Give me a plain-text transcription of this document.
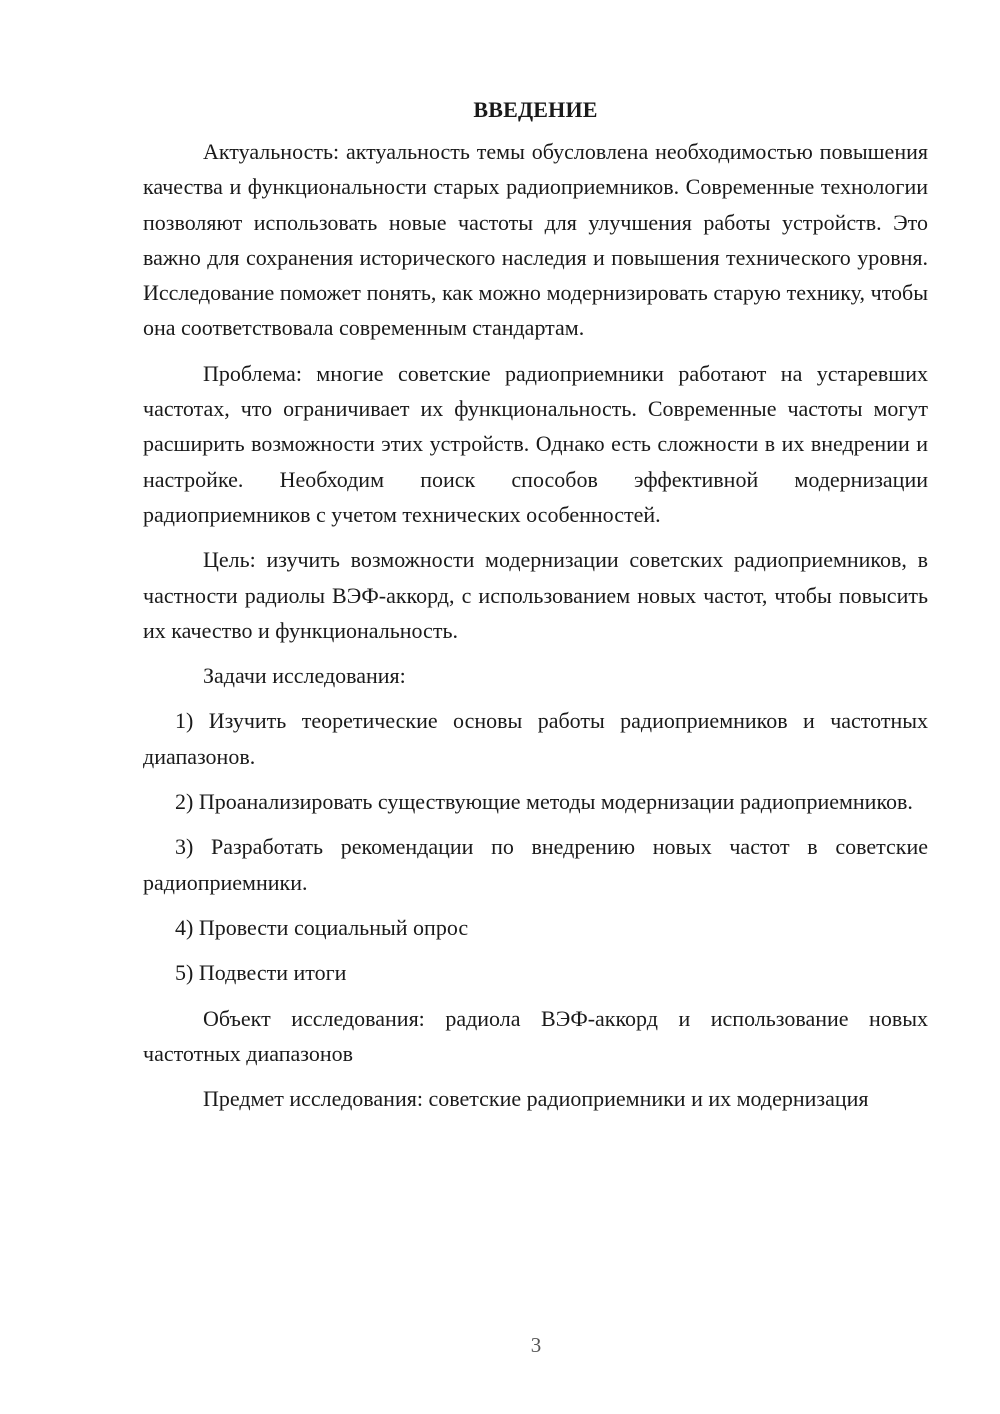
ВВЕДЕНИЕ

Актуальность: актуальность темы обусловлена необходимостью повышения качества и функциональности старых радиоприемников. Современные технологии позволяют использовать новые частоты для улучшения работы устройств. Это важно для сохранения исторического наследия и повышения технического уровня. Исследование поможет понять, как можно модернизировать старую технику, чтобы она соответствовала современным стандартам.

Проблема: многие советские радиоприемники работают на устаревших частотах, что ограничивает их функциональность. Современные частоты могут расширить возможности этих устройств. Однако есть сложности в их внедрении и настройке. Необходим поиск способов эффективной модернизации радиоприемников с учетом технических особенностей.

Цель: изучить возможности модернизации советских радиоприемников, в частности радиолы ВЭФ-аккорд, с использованием новых частот, чтобы повысить их качество и функциональность.

Задачи исследования:

1) Изучить теоретические основы работы радиоприемников и частотных диапазонов.

2) Проанализировать существующие методы модернизации радиоприемников.

3) Разработать рекомендации по внедрению новых частот в советские радиоприемники.

4) Провести социальный опрос

5) Подвести итоги

Объект исследования: радиола ВЭФ-аккорд и использование новых частотных диапазонов

Предмет исследования: советские радиоприемники и их модернизация

3
